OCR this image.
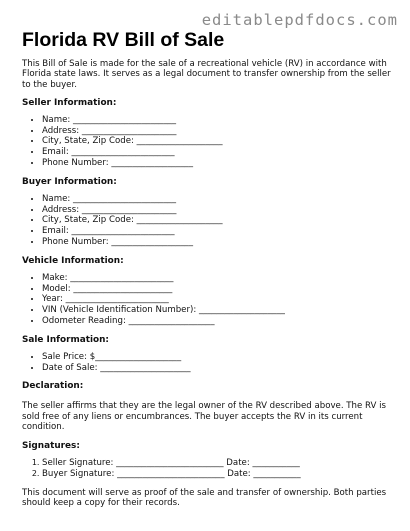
editablepdfdocs.com
Florida RV Bill of Sale

This Bill of Sale is made for the sale of a recreational vehicle (RV) in accordance with Florida state laws. It serves as a legal document to transfer ownership from the seller to the buyer.

Seller Information:
• Name: ________________________
• Address: ______________________
• City, State, Zip Code: ____________________
• Email: ________________________
• Phone Number: ___________________
Buyer Information:
• Name: ________________________
• Address: ______________________
• City, State, Zip Code: ____________________
• Email: ________________________
• Phone Number: ___________________
Vehicle Information:
• Make: ________________________
• Model: _______________________
• Year: ________________________
• VIN (Vehicle Identification Number): ____________________
• Odometer Reading: ____________________
Sale Information:
• Sale Price: $____________________
• Date of Sale: _____________________
Declaration:

The seller affirms that they are the legal owner of the RV described above. The RV is sold free of any liens or encumbrances. The buyer accepts the RV in its current condition.

Signatures:
1. Seller Signature: _________________________ Date: ___________
2. Buyer Signature: _________________________ Date: ___________

This document will serve as proof of the sale and transfer of ownership. Both parties should keep a copy for their records.
